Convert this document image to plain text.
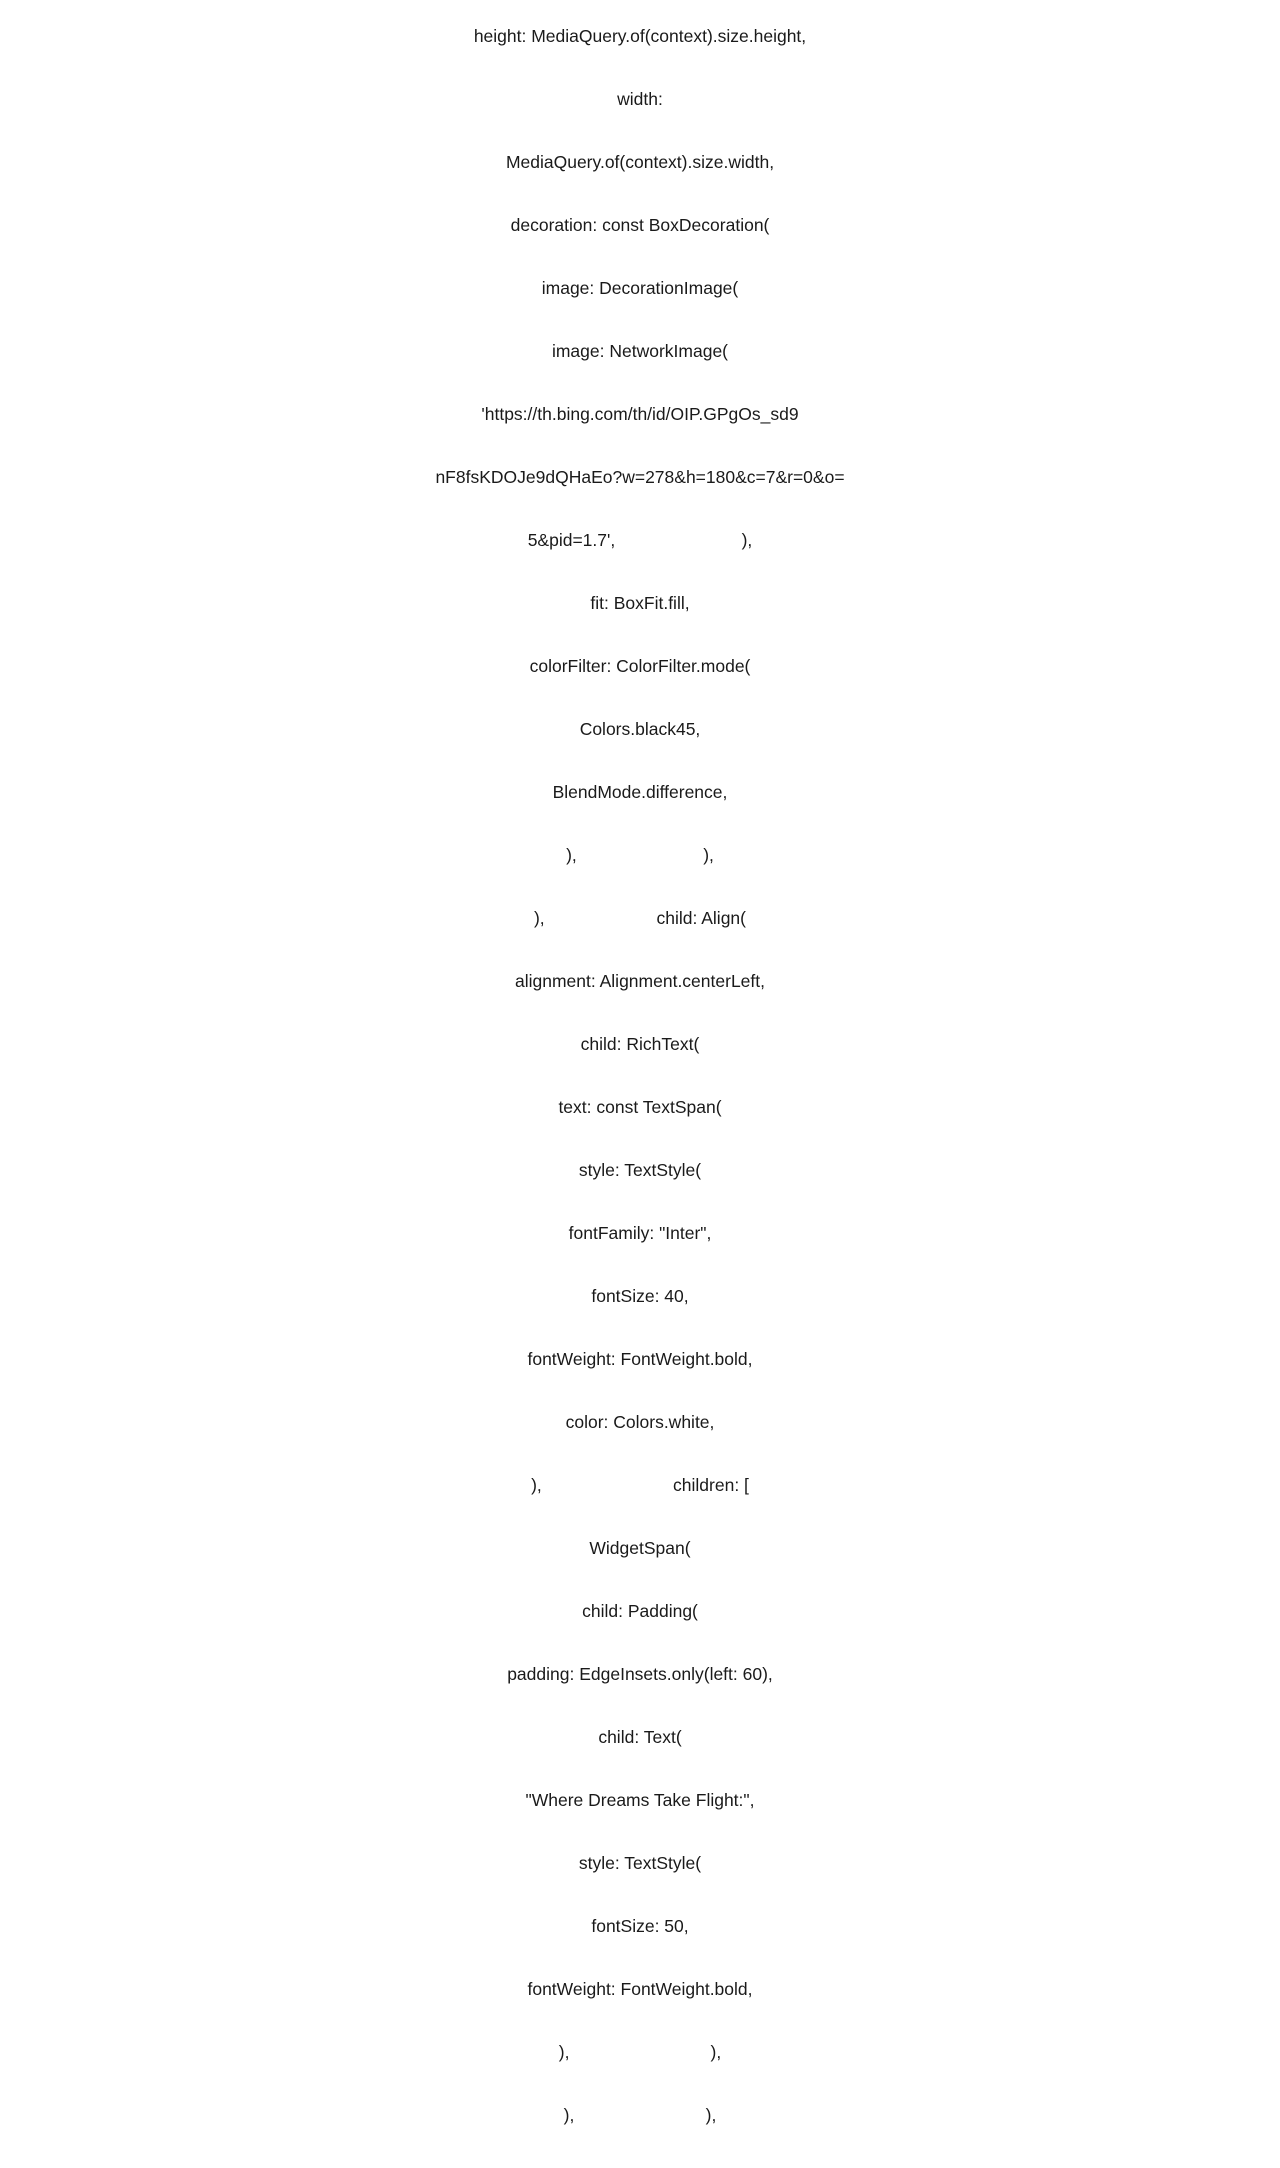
height: MediaQuery.of(context).size.height,

width:

MediaQuery.of(context).size.width,

decoration: const BoxDecoration(

image: DecorationImage(

image: NetworkImage(

'https://th.bing.com/th/id/OIP.GPgOs_sd9

nF8fsKDOJe9dQHaEo?w=278&h=180&c=7&r=0&o=

5&pid=1.7',                          ),

fit: BoxFit.fill,

colorFilter: ColorFilter.mode(

Colors.black45,

BlendMode.difference,

),                          ),

),                       child: Align(

alignment: Alignment.centerLeft,

child: RichText(

text: const TextSpan(

style: TextStyle(

fontFamily: "Inter",

fontSize: 40,

fontWeight: FontWeight.bold,

color: Colors.white,

),                           children: [

WidgetSpan(

child: Padding(

padding: EdgeInsets.only(left: 60),

child: Text(

"Where Dreams Take Flight:",

style: TextStyle(

fontSize: 50,

fontWeight: FontWeight.bold,

),                             ),

),                           ),
